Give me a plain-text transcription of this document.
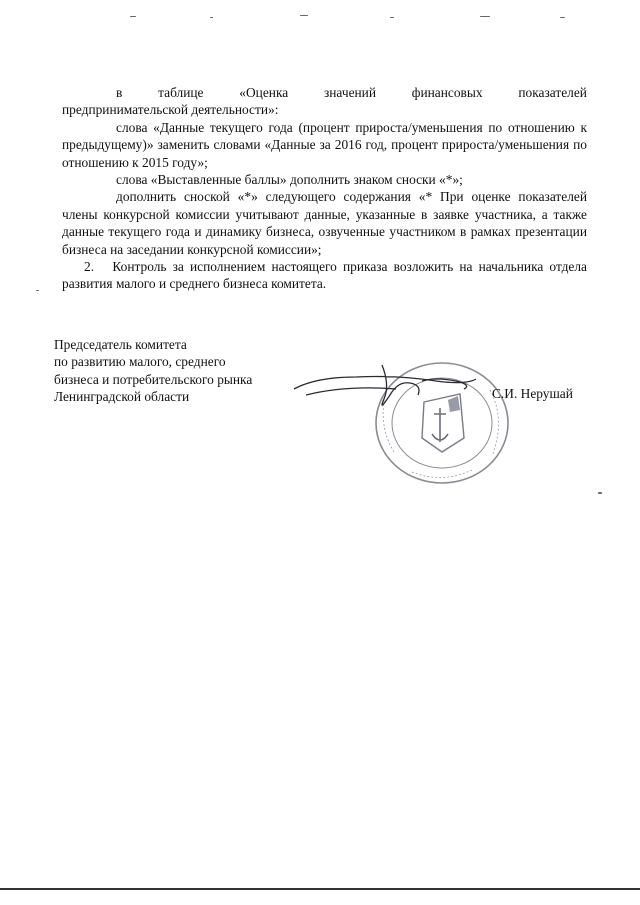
в	таблице	«Оценка	значений	финансовых	показателей

предпринимательской деятельности»:

слова «Данные текущего года (процент прироста/уменьшения по отношению к предыдущему)» заменить словами «Данные за 2016 год, процент прироста/уменьшения по отношению к 2015 году»;

слова «Выставленные баллы» дополнить знаком сноски «*»;

дополнить сноской «*» следующего содержания «* При оценке показателей члены конкурсной комиссии учитывают данные, указанные в заявке участника, а также данные текущего года и динамику бизнеса, озвученные участником в рамках презентации бизнеса на заседании конкурсной комиссии»;

2. Контроль за исполнением настоящего приказа возложить на начальника отдела развития малого и среднего бизнеса комитета.

Председатель комитета
по развитию малого, среднего
бизнеса и потребительского рынка
Ленинградской области	С.И. Нерушай
